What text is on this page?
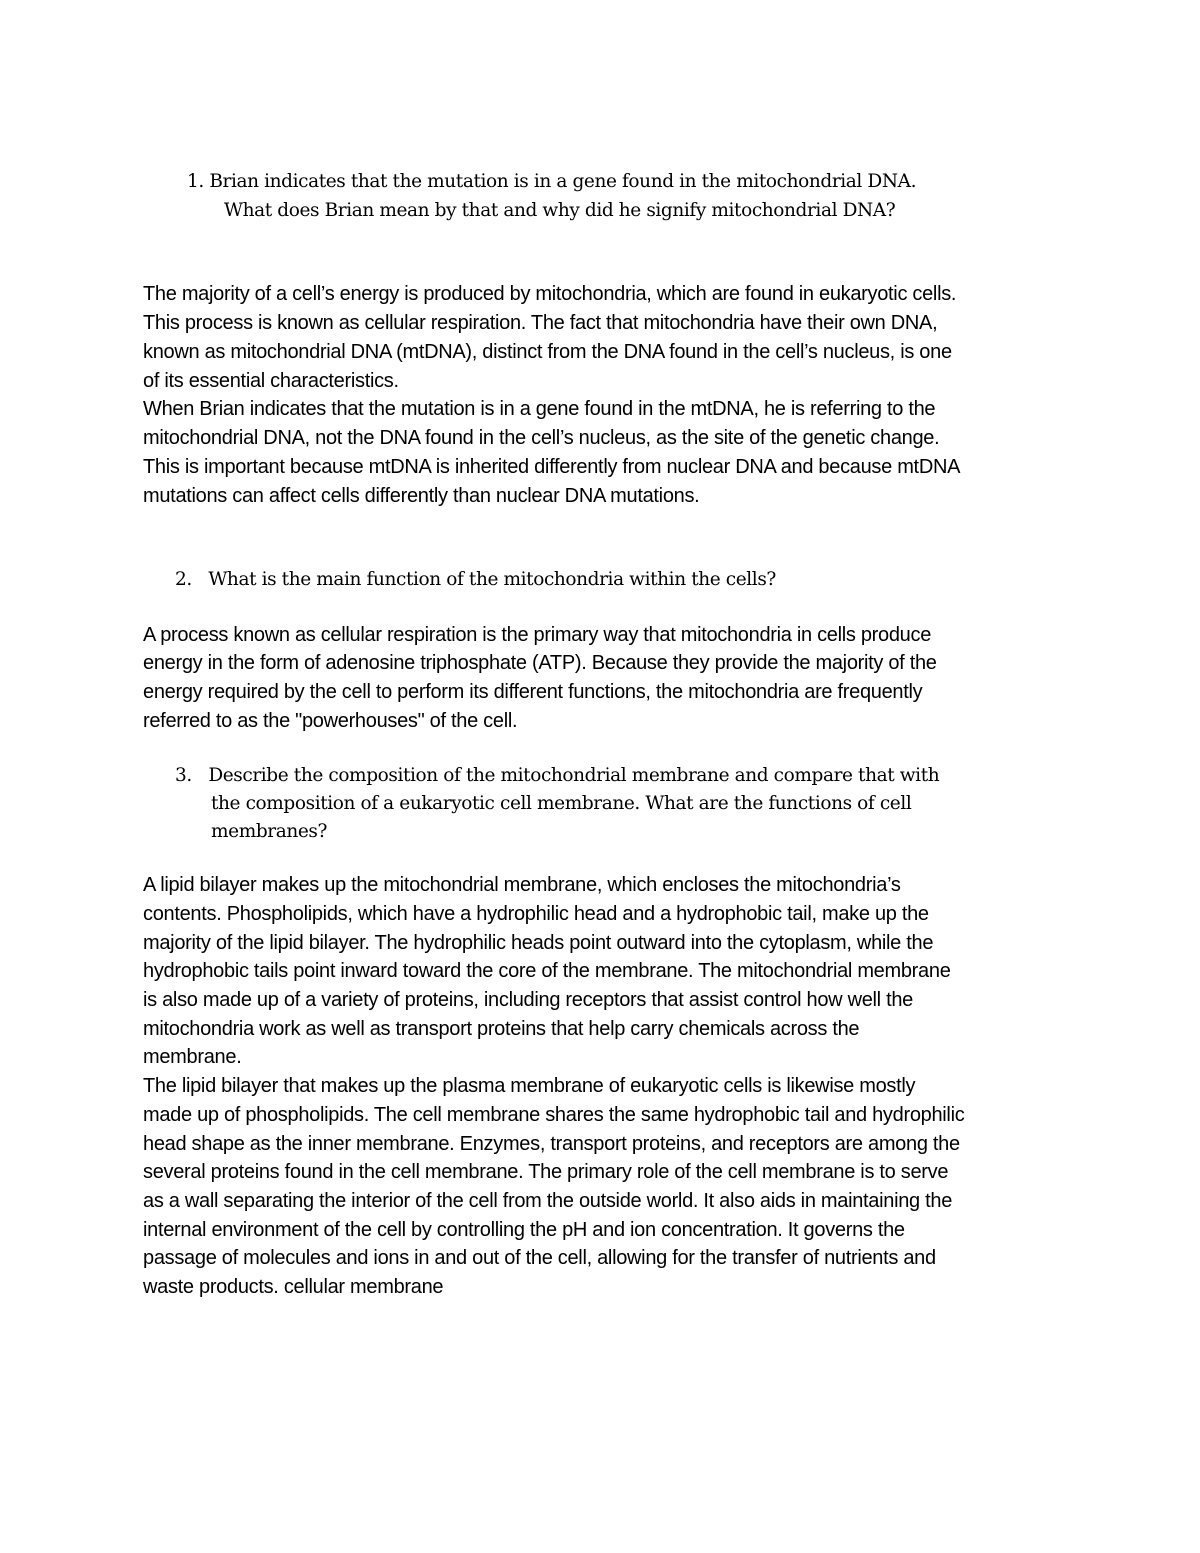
1. Brian indicates that the mutation is in a gene found in the mitochondrial DNA.
What does Brian mean by that and why did he signify mitochondrial DNA?
The majority of a cell’s energy is produced by mitochondria, which are found in eukaryotic cells.
This process is known as cellular respiration. The fact that mitochondria have their own DNA,
known as mitochondrial DNA (mtDNA), distinct from the DNA found in the cell’s nucleus, is one
of its essential characteristics.
When Brian indicates that the mutation is in a gene found in the mtDNA, he is referring to the
mitochondrial DNA, not the DNA found in the cell’s nucleus, as the site of the genetic change.
This is important because mtDNA is inherited differently from nuclear DNA and because mtDNA
mutations can affect cells differently than nuclear DNA mutations.
2. What is the main function of the mitochondria within the cells?
A process known as cellular respiration is the primary way that mitochondria in cells produce
energy in the form of adenosine triphosphate (ATP). Because they provide the majority of the
energy required by the cell to perform its different functions, the mitochondria are frequently
referred to as the "powerhouses" of the cell.
3. Describe the composition of the mitochondrial membrane and compare that with
the composition of a eukaryotic cell membrane. What are the functions of cell
membranes?
A lipid bilayer makes up the mitochondrial membrane, which encloses the mitochondria’s
contents. Phospholipids, which have a hydrophilic head and a hydrophobic tail, make up the
majority of the lipid bilayer. The hydrophilic heads point outward into the cytoplasm, while the
hydrophobic tails point inward toward the core of the membrane. The mitochondrial membrane
is also made up of a variety of proteins, including receptors that assist control how well the
mitochondria work as well as transport proteins that help carry chemicals across the
membrane.
The lipid bilayer that makes up the plasma membrane of eukaryotic cells is likewise mostly
made up of phospholipids. The cell membrane shares the same hydrophobic tail and hydrophilic
head shape as the inner membrane. Enzymes, transport proteins, and receptors are among the
several proteins found in the cell membrane. The primary role of the cell membrane is to serve
as a wall separating the interior of the cell from the outside world. It also aids in maintaining the
internal environment of the cell by controlling the pH and ion concentration. It governs the
passage of molecules and ions in and out of the cell, allowing for the transfer of nutrients and
waste products. cellular membrane
